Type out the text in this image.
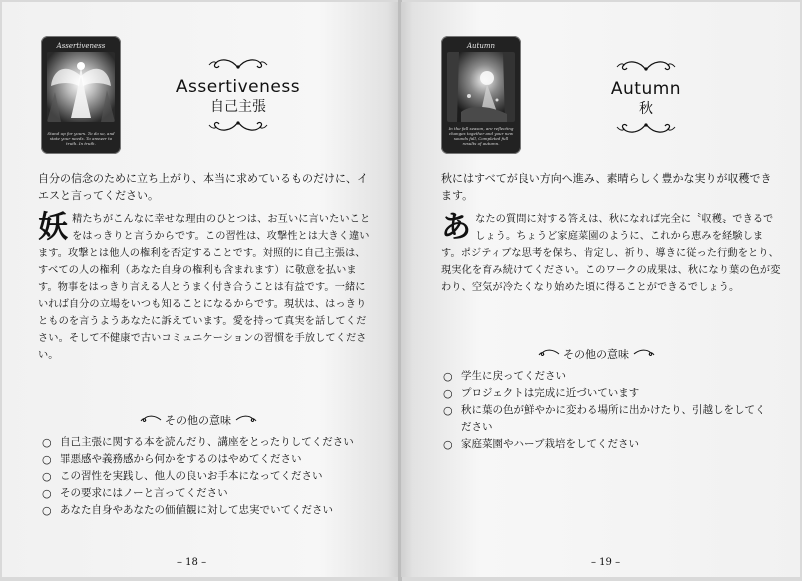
Assertiveness
Stand up for yours. To do so, and state your needs. To answer to truth. In truth.
Assertiveness
自己主張

自分の信念のために立ち上がり、本当に求めているものだけに、イエスと言ってください。

妖 精たちがこんなに幸せな理由のひとつは、お互いに言いたいことをはっきりと言うからです。この習性は、攻撃性とは大きく違います。攻撃とは他人の権利を否定することです。対照的に自己主張は、すべての人の権利（あなた自身の権利も含まれます）に敬意を払います。物事をはっきり言える人とうまく付き合うことは有益です。一緒にいれば自分の立場をいつも知ることになるからです。現状は、はっきりとものを言うようあなたに訴えています。愛を持って真実を話してください。そして不健康で古いコミュニケーションの習慣を手放してください。
その他の意味
○ 自己主張に関する本を読んだり、講座をとったりしてください
○ 罪悪感や義務感から何かをするのはやめてください
○ この習性を実践し、他人の良いお手本になってください
○ その要求にはノーと言ってください
○ あなた自身やあなたの価値観に対して忠実でいてください
– 18 –
Autumn
In the fall season, are reflecting changes together and your new sounds fall, Completed full results of autumn.
Autumn
秋

秋にはすべてが良い方向へ進み、素晴らしく豊かな実りが収穫できます。

あ なたの質問に対する答えは、秋になれば完全に〝収穫〟できるでしょう。ちょうど家庭菜園のように、これから恵みを経験します。ポジティブな思考を保ち、肯定し、祈り、導きに従った行動をとり、現実化を育み続けてください。このワークの成果は、秋になり葉の色が変わり、空気が冷たくなり始めた頃に得ることができるでしょう。
その他の意味
○ 学生に戻ってください
○ プロジェクトは完成に近づいています
○ 秋に葉の色が鮮やかに変わる場所に出かけたり、引越しをしてください
○ 家庭菜園やハーブ栽培をしてください
– 19 –
